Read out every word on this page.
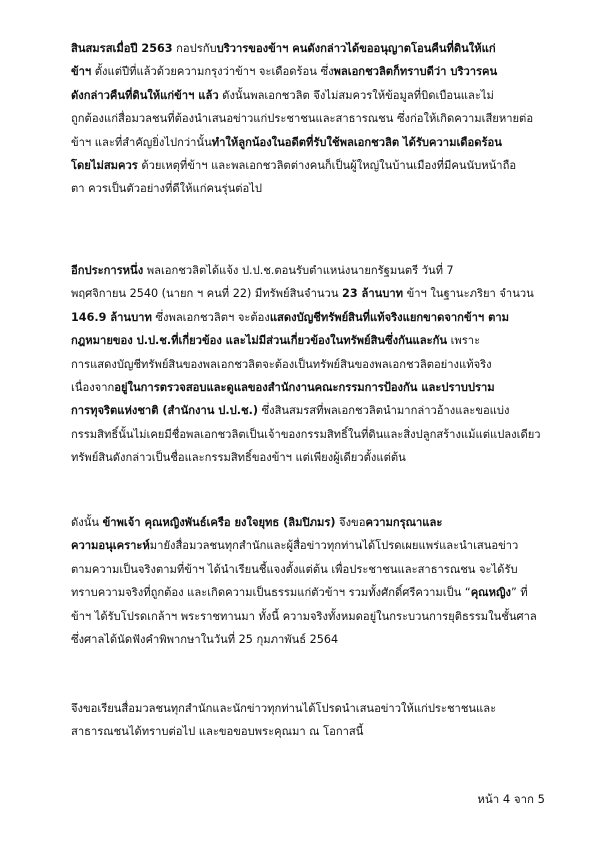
หน้า 4 จาก 5
สินสมรสเมื่อปี 2563 กอปรกับบริวารของข้าฯ คนดังกล่าวได้ขออนุญาตโอนคืนที่ดินให้แก่
ข้าฯ ตั้งแต่ปีที่แล้วด้วยความกรุงว่าข้าฯ จะเดือดร้อน ซึ่งพลเอกชวลิตก็ทราบดีว่า บริวารคน
ดังกล่าวคืนที่ดินให้แก่ข้าฯ แล้ว ดังนั้นพลเอกชวลิต จึงไม่สมควรให้ข้อมูลที่บิดเบือนและไม่
ถูกต้องแก่สื่อมวลชนที่ต้องนำเสนอข่าวแก่ประชาชนและสาธารณชน ซึ่งก่อให้เกิดความเสียหายต่อ
ข้าฯ และที่สำคัญยิ่งไปกว่านั้นทำให้ลูกน้องในอดีตที่รับใช้พลเอกชวลิต ได้รับความเดือดร้อน
โดยไม่สมควร ด้วยเหตุที่ข้าฯ และพลเอกชวลิตต่างคนก็เป็นผู้ใหญ่ในบ้านเมืองที่มีคนนับหน้าถือ
ตา ควรเป็นตัวอย่างที่ดีให้แก่คนรุ่นต่อไป
อีกประการหนึ่ง พลเอกชวลิตได้แจ้ง ป.ป.ช.ตอนรับตำแหน่งนายกรัฐมนตรี วันที่ 7
พฤศจิกายน 2540 (นายก ฯ คนที่ 22) มีทรัพย์สินจำนวน 23 ล้านบาท ข้าฯ ในฐานะภริยา จำนวน
146.9 ล้านบาท ซึ่งพลเอกชวลิตฯ จะต้องแสดงบัญชีทรัพย์สินที่แท้จริงแยกขาดจากข้าฯ ตาม
กฎหมายของ ป.ป.ช.ที่เกี่ยวข้อง และไม่มีส่วนเกี่ยวข้องในทรัพย์สินซึ่งกันและกัน เพราะ
การแสดงบัญชีทรัพย์สินของพลเอกชวลิตจะต้องเป็นทรัพย์สินของพลเอกชวลิตอย่างแท้จริง
เนื่องจากอยู่ในการตรวจสอบและดูแลของสำนักงานคณะกรรมการป้องกัน และปราบปราม
การทุจริตแห่งชาติ (สำนักงาน ป.ป.ช.) ซึ่งสินสมรสที่พลเอกชวลิตนำมากล่าวอ้างและขอแบ่ง
กรรมสิทธิ์นั้นไม่เคยมีชื่อพลเอกชวลิตเป็นเจ้าของกรรมสิทธิ์ในที่ดินและสิ่งปลูกสร้างแม้แต่แปลงเดียว
ทรัพย์สินดังกล่าวเป็นชื่อและกรรมสิทธิ์ของข้าฯ แต่เพียงผู้เดียวตั้งแต่ต้น
ดังนั้น ข้าพเจ้า คุณหญิงพันธ์เครือ ยงใจยุทธ (ลิมปิภมร) จึงขอความกรุณาและ
ความอนุเคราะห์มายังสื่อมวลชนทุกสำนักและผู้สื่อข่าวทุกท่านได้โปรดเผยแพร่และนำเสนอข่าว
ตามความเป็นจริงตามที่ข้าฯ ได้นำเรียนชี้แจงตั้งแต่ต้น เพื่อประชาชนและสาธารณชน จะได้รับ
ทราบความจริงที่ถูกต้อง และเกิดความเป็นธรรมแก่ตัวข้าฯ รวมทั้งศักดิ์ศรีความเป็น “คุณหญิง” ที่
ข้าฯ ได้รับโปรดเกล้าฯ พระราชทานมา ทั้งนี้ ความจริงทั้งหมดอยู่ในกระบวนการยุติธรรมในชั้นศาล
ซึ่งศาลได้นัดฟังคำพิพากษาในวันที่ 25 กุมภาพันธ์ 2564
จึงขอเรียนสื่อมวลชนทุกสำนักและนักข่าวทุกท่านได้โปรดนำเสนอข่าวให้แก่ประชาชนและ
สาธารณชนได้ทราบต่อไป และขอขอบพระคุณมา ณ โอกาสนี้
